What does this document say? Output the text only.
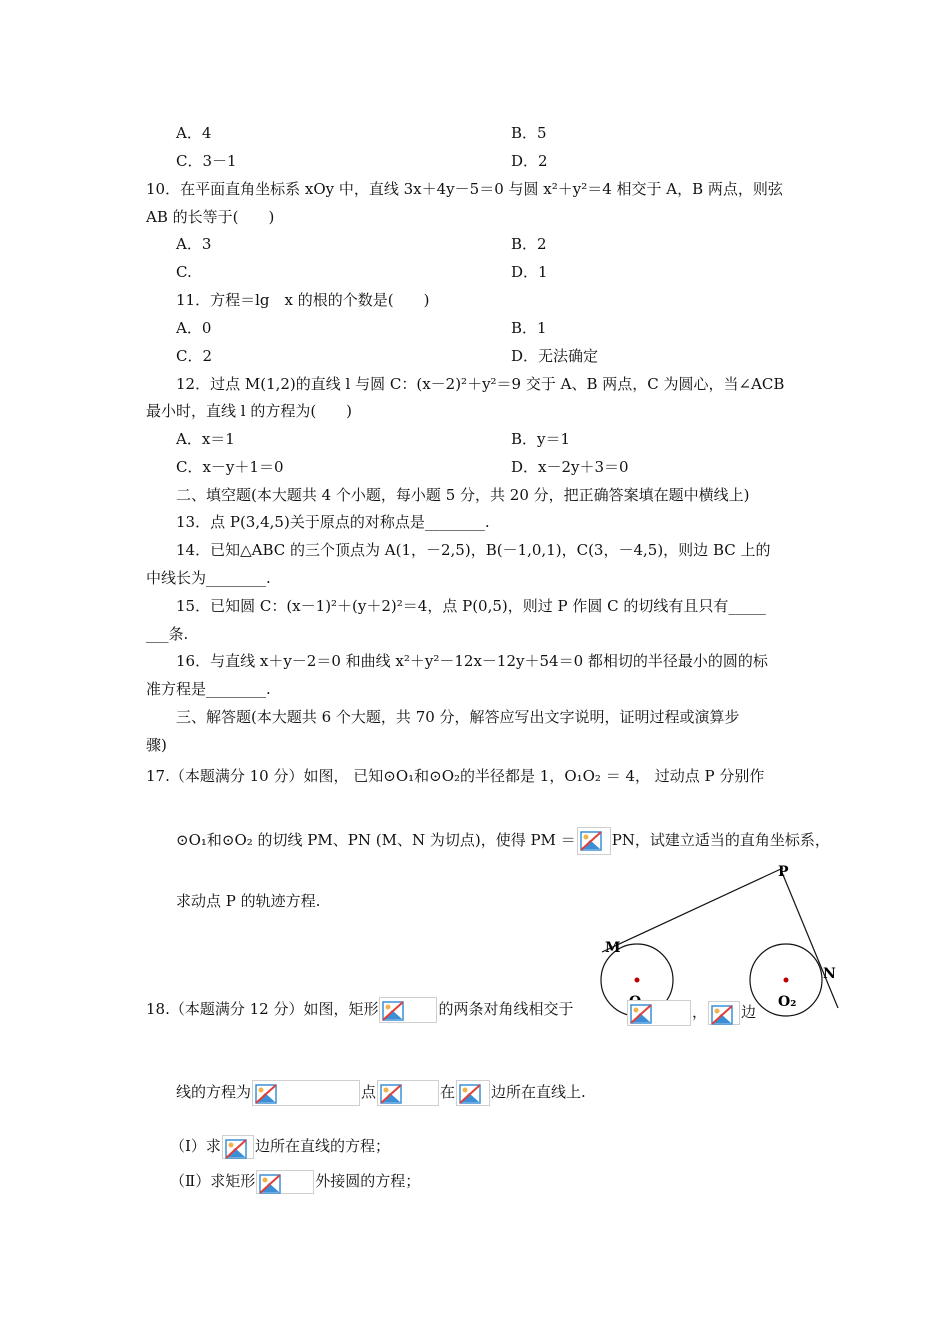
A．4	B．5
C．3－1	D．2
10．在平面直角坐标系 xOy 中，直线 3x＋4y－5＝0 与圆 x²＋y²＝4 相交于 A，B 两点，则弦
AB 的长等于(　　)
A．3	B．2
C.	D．1
11．方程＝lg　x 的根的个数是(　　)
A．0	B．1
C．2	D．无法确定
12．过点 M(1,2)的直线 l 与圆 C：(x－2)²＋y²＝9 交于 A、B 两点，C 为圆心，当∠ACB
最小时，直线 l 的方程为(　　)
A．x＝1	B．y＝1
C．x－y＋1＝0	D．x－2y＋3＝0
二、填空题(本大题共 4 个小题，每小题 5 分，共 20 分，把正确答案填在题中横线上)
13．点 P(3,4,5)关于原点的对称点是________.
14．已知△ABC 的三个顶点为 A(1，－2,5)，B(－1,0,1)，C(3，－4,5)，则边 BC 上的
中线长为________.
15．已知圆 C：(x－1)²＋(y＋2)²＝4，点 P(0,5)，则过 P 作圆 C 的切线有且只有_____
___条.
16．与直线 x＋y－2＝0 和曲线 x²＋y²－12x－12y＋54＝0 都相切的半径最小的圆的标
准方程是________.
三、解答题(本大题共 6 个大题，共 70 分，解答应写出文字说明，证明过程或演算步
骤)
17.（本题满分 10 分）如图， 已知⊙O₁和⊙O₂的半径都是 1，O₁O₂ ＝ 4， 过动点 P 分别作
⊙O₁和⊙O₂ 的切线 PM、PN (M、N 为切点)，使得 PM ＝ PN，试建立适当的直角坐标系，
求动点 P 的轨迹方程.
P
M
N
O₂
18.（本题满分 12 分）如图，矩形	的两条对角线相交于	， 边
线的方程为	点	在 边所在直线上.
（Ⅰ）求 边所在直线的方程；
（Ⅱ）求矩形	外接圆的方程；
